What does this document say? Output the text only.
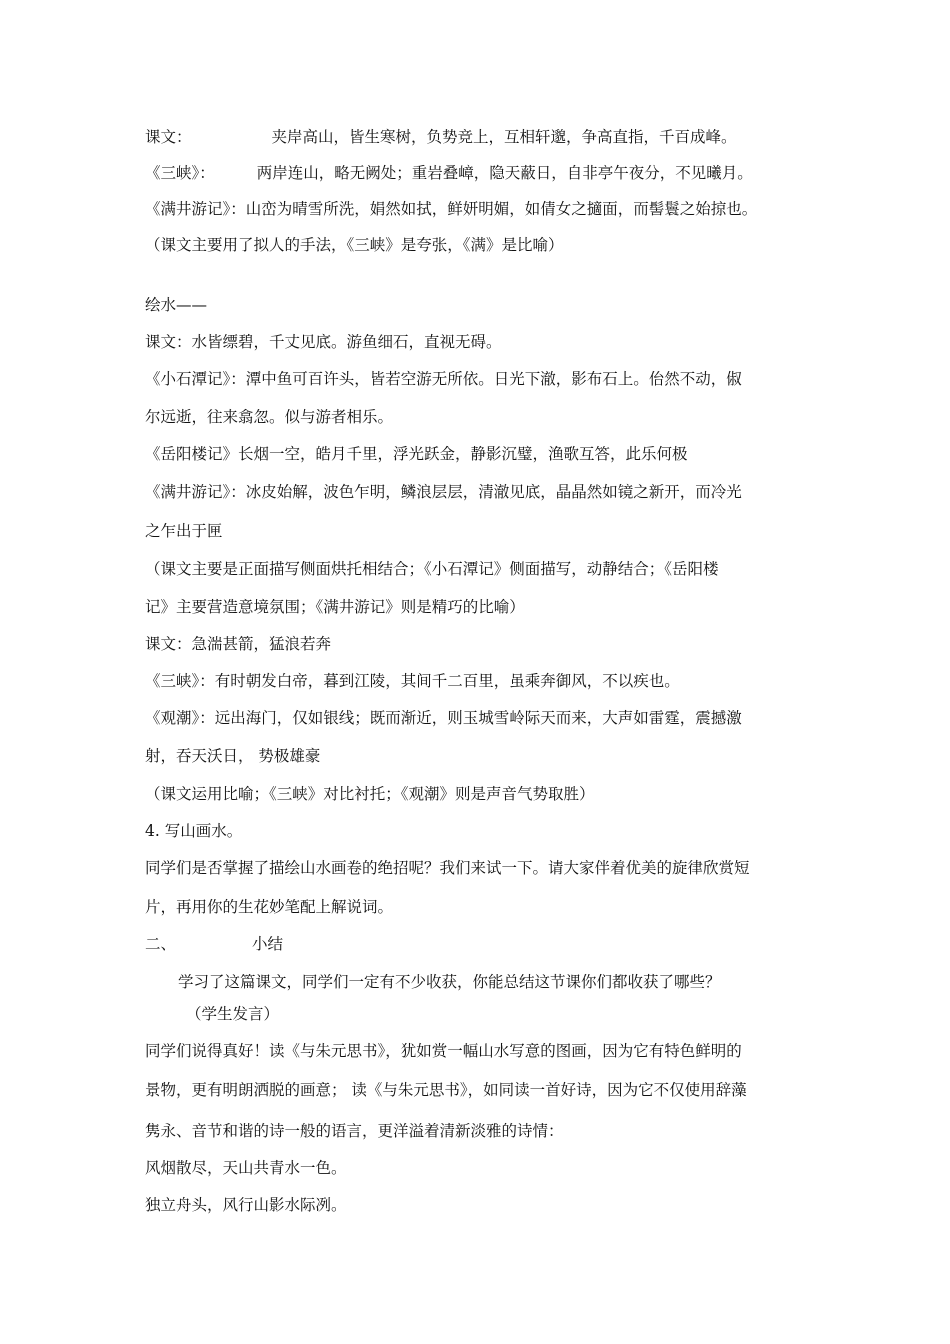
课文：	夹岸高山，皆生寒树，负势竞上，互相轩邈，争高直指，千百成峰。
《三峡》：	两岸连山，略无阙处；重岩叠嶂，隐天蔽日，自非亭午夜分，不见曦月。
《满井游记》：山峦为晴雪所洗，娟然如拭，鲜妍明媚，如倩女之擿面，而髻鬟之始掠也。
（课文主要用了拟人的手法，《三峡》是夸张，《满》是比喻）
绘水——
课文：水皆缥碧，千丈见底。游鱼细石，直视无碍。
《小石潭记》：潭中鱼可百许头，皆若空游无所依。日光下澈，影布石上。佁然不动，俶
尔远逝，往来翕忽。似与游者相乐。
《岳阳楼记》长烟一空，皓月千里，浮光跃金，静影沉璧，渔歌互答，此乐何极
《满井游记》：冰皮始解，波色乍明，鳞浪层层，清澈见底，晶晶然如镜之新开，而冷光
之乍出于匣
（课文主要是正面描写侧面烘托相结合；《小石潭记》侧面描写，动静结合；《岳阳楼
记》主要营造意境氛围；《满井游记》则是精巧的比喻）
课文：急湍甚箭，猛浪若奔
《三峡》：有时朝发白帝，暮到江陵，其间千二百里，虽乘奔御风，不以疾也。
《观潮》：远出海门，仅如银线；既而渐近，则玉城雪岭际天而来，大声如雷霆，震撼激
射，吞天沃日， 势极雄豪
（课文运用比喻；《三峡》对比衬托；《观潮》则是声音气势取胜）
4. 写山画水。
同学们是否掌握了描绘山水画卷的绝招呢？我们来试一下。请大家伴着优美的旋律欣赏短
片，再用你的生花妙笔配上解说词。
二、	小结
学习了这篇课文，同学们一定有不少收获，你能总结这节课你们都收获了哪些？
（学生发言）
同学们说得真好！读《与朱元思书》，犹如赏一幅山水写意的图画，因为它有特色鲜明的
景物，更有明朗洒脱的画意； 读《与朱元思书》，如同读一首好诗，因为它不仅使用辞藻
隽永、音节和谐的诗一般的语言，更洋溢着清新淡雅的诗情：
风烟散尽，天山共青水一色。
独立舟头，风行山影水际冽。
